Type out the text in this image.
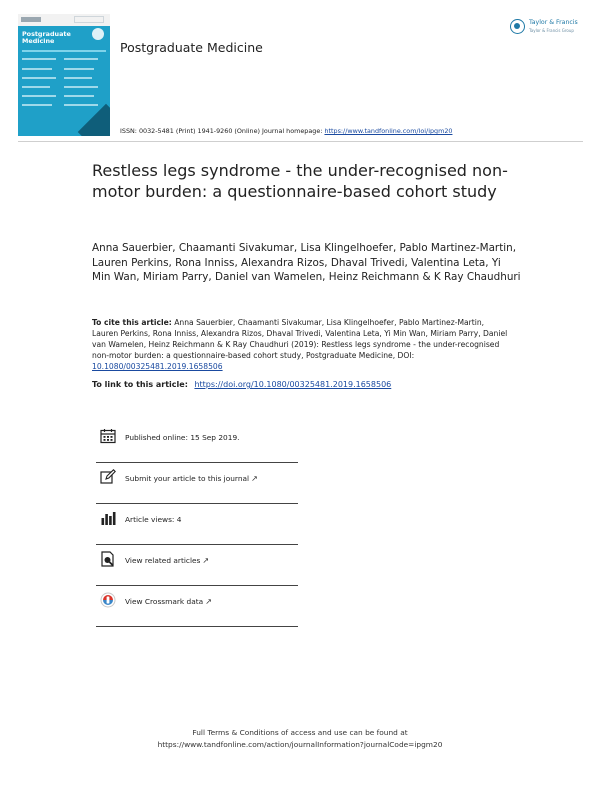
Postgraduate Medicine	Postgraduate Medicine
Taylor & Francis
Taylor & Francis Group
ISSN: 0032-5481 (Print) 1941-9260 (Online) Journal homepage: https://www.tandfonline.com/loi/ipgm20
Restless legs syndrome - the under-recognised non-motor burden: a questionnaire-based cohort study
Anna Sauerbier, Chaamanti Sivakumar, Lisa Klingelhoefer, Pablo Martinez-Martin, Lauren Perkins, Rona Inniss, Alexandra Rizos, Dhaval Trivedi, Valentina Leta, Yi Min Wan, Miriam Parry, Daniel van Wamelen, Heinz Reichmann & K Ray Chaudhuri
To cite this article: Anna Sauerbier, Chaamanti Sivakumar, Lisa Klingelhoefer, Pablo Martinez-Martin, Lauren Perkins, Rona Inniss, Alexandra Rizos, Dhaval Trivedi, Valentina Leta, Yi Min Wan, Miriam Parry, Daniel van Wamelen, Heinz Reichmann & K Ray Chaudhuri (2019): Restless legs syndrome - the under-recognised non-motor burden: a questionnaire-based cohort study, Postgraduate Medicine, DOI: 10.1080/00325481.2019.1658506
To link to this article: https://doi.org/10.1080/00325481.2019.1658506
Published online: 15 Sep 2019.
Submit your article to this journal ↗
Article views: 4
View related articles ↗
View Crossmark data ↗
Full Terms & Conditions of access and use can be found at
https://www.tandfonline.com/action/journalInformation?journalCode=ipgm20
